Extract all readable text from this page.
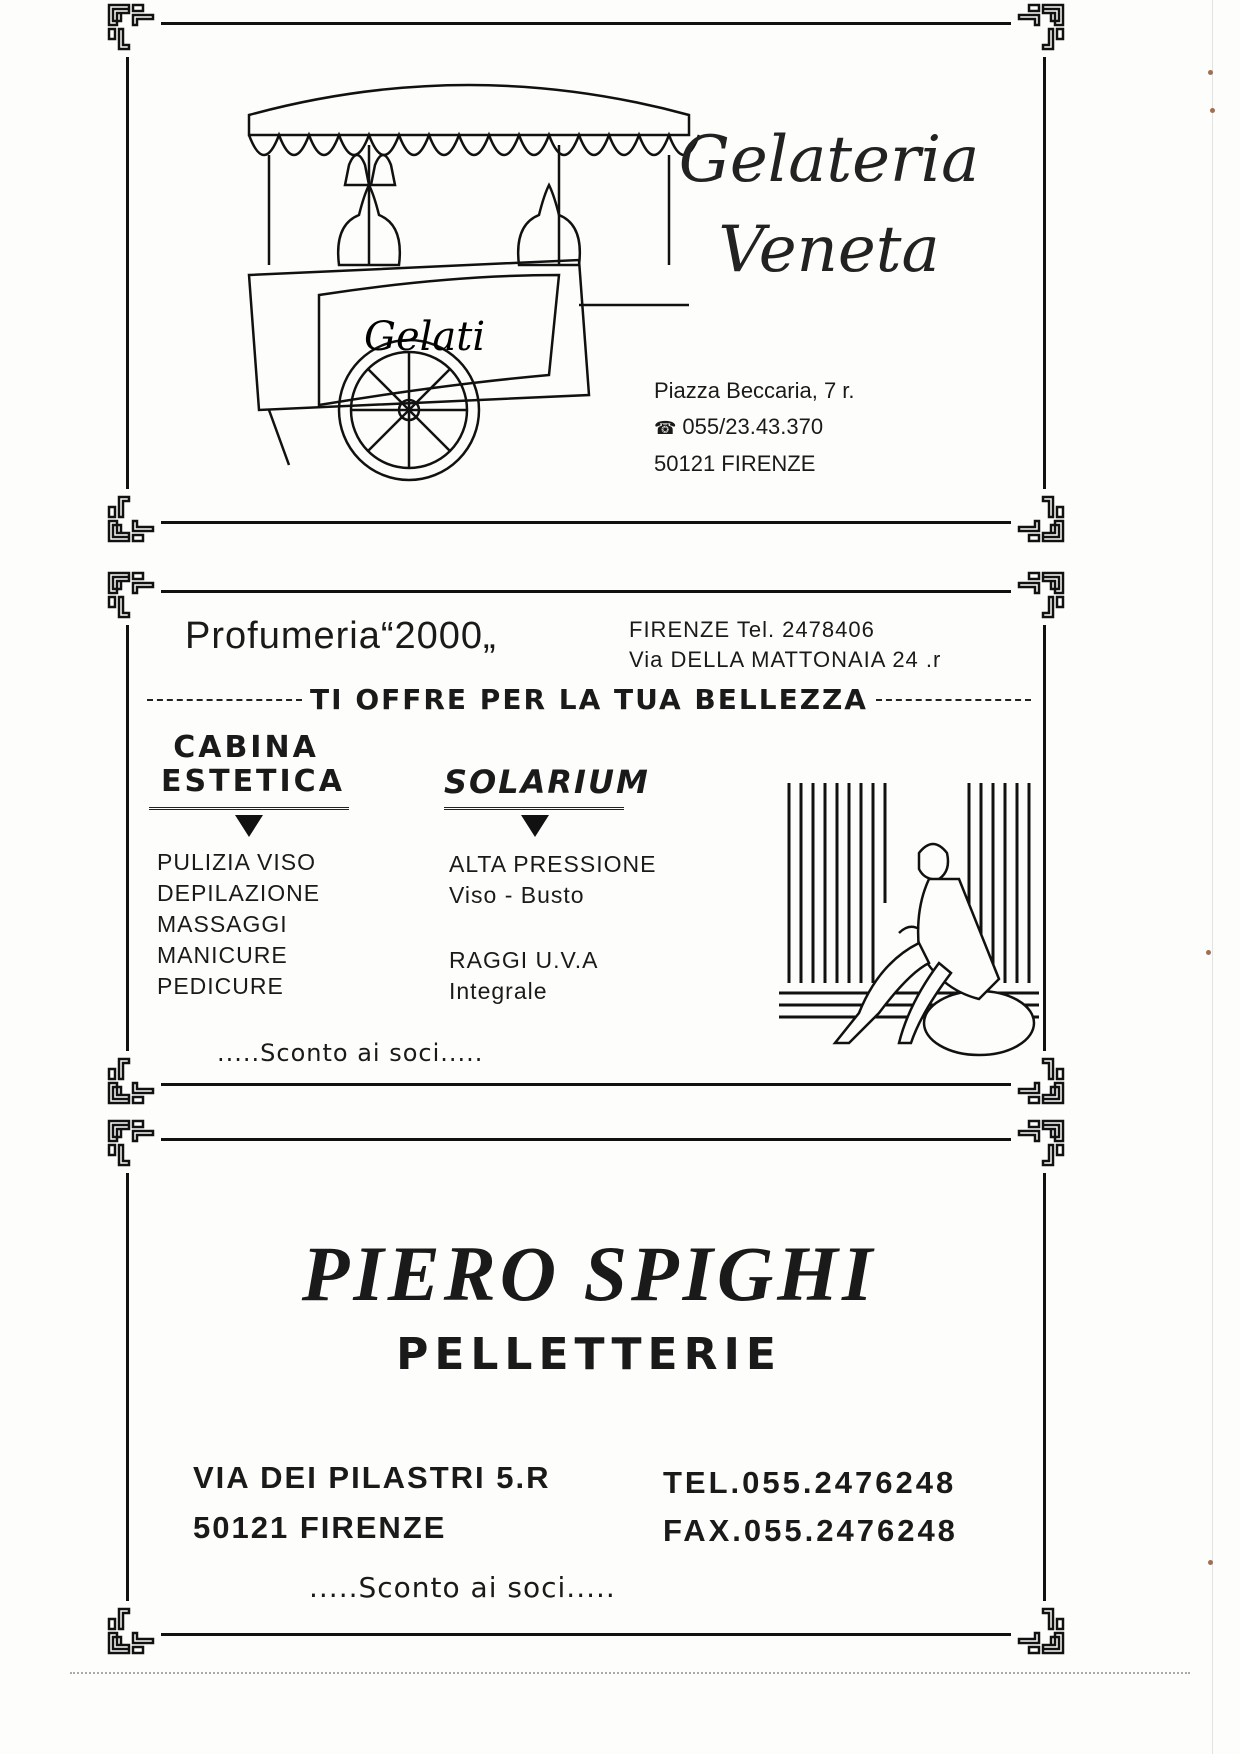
Gelati
Gelateria
Veneta
Piazza Beccaria, 7 r.
☎ 055/23.43.370
50121 FIRENZE
Profumeria“2000„	FIRENZE Tel. 2478406
Via DELLA MATTONAIA 24 .r
TI OFFRE PER LA TUA BELLEZZA
CABINA
ESTETICA	SOLARIUM
PULIZIA VISO
DEPILAZIONE
MASSAGGI
MANICURE
PEDICURE
ALTA PRESSIONE
Viso - Busto
RAGGI U.V.A
Integrale
.....Sconto ai soci.....
PIERO SPIGHI
PELLETTERIE
VIA DEI PILASTRI 5.R
50121 FIRENZE
TEL.055.2476248
FAX.055.2476248
.....Sconto ai soci.....
